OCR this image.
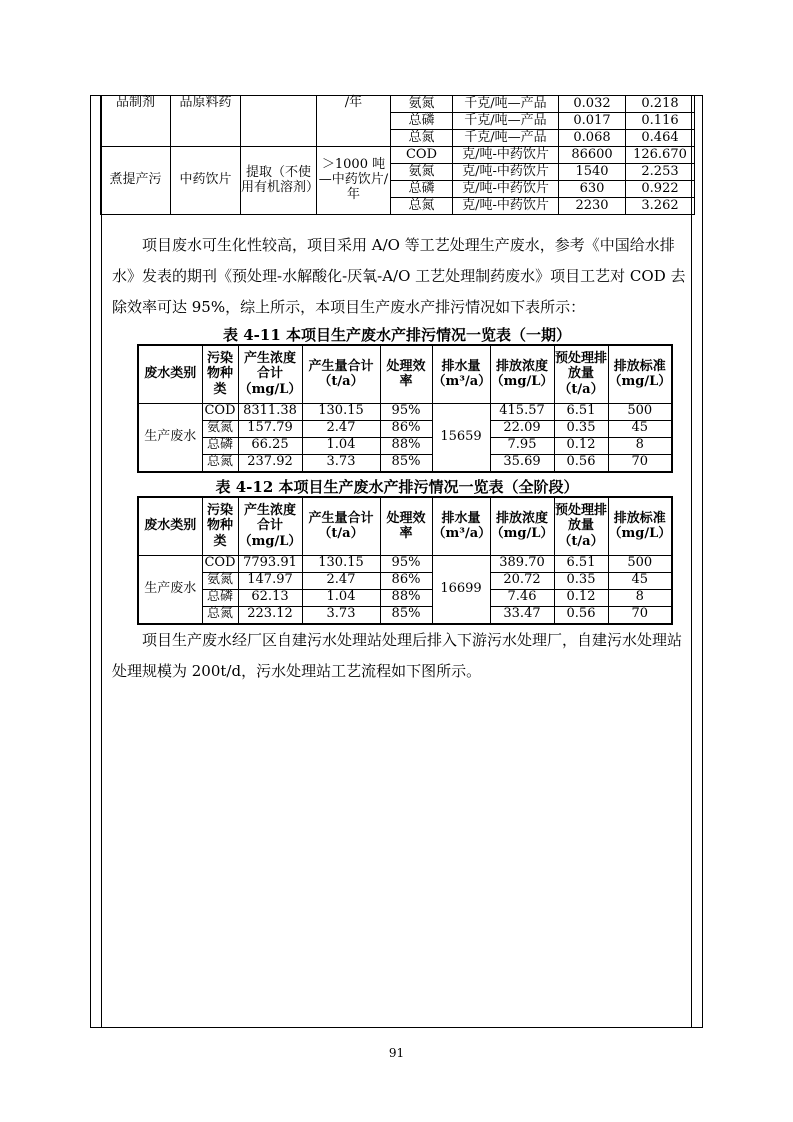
品制剂	品原料药		/年	氨氮	千克/吨—产品	0.032	0.218
				总磷	千克/吨—产品	0.017	0.116
				总氮	千克/吨—产品	0.068	0.464
煮提产污	中药饮片	提取（不使用有机溶剂）	＞1000 吨—中药饮片/年	COD	克/吨-中药饮片	86600	126.670
				氨氮	克/吨-中药饮片	1540	2.253
				总磷	克/吨-中药饮片	630	0.922
				总氮	克/吨-中药饮片	2230	3.262

项目废水可生化性较高，项目采用 A/O 等工艺处理生产废水，参考《中国给水排水》发表的期刊《预处理-水解酸化-厌氧-A/O 工艺处理制药废水》项目工艺对 COD 去除效率可达 95%，综上所示，本项目生产废水产排污情况如下表所示：

表 4-11 本项目生产废水产排污情况一览表（一期）
废水类别	污染物种类	产生浓度合计（mg/L）	产生量合计（t/a）	处理效率	排水量（m³/a）	排放浓度（mg/L）	预处理排放量（t/a）	排放标准（mg/L）
生产废水	COD	8311.38	130.15	95%	15659	415.57	6.51	500
	氨氮	157.79	2.47	86%		22.09	0.35	45
	总磷	66.25	1.04	88%		7.95	0.12	8
	总氮	237.92	3.73	85%		35.69	0.56	70
表 4-12 本项目生产废水产排污情况一览表（全阶段）
废水类别	污染物种类	产生浓度合计（mg/L）	产生量合计（t/a）	处理效率	排水量（m³/a）	排放浓度（mg/L）	预处理排放量（t/a）	排放标准（mg/L）
生产废水	COD	7793.91	130.15	95%	16699	389.70	6.51	500
	氨氮	147.97	2.47	86%		20.72	0.35	45
	总磷	62.13	1.04	88%		7.46	0.12	8
	总氮	223.12	3.73	85%		33.47	0.56	70

项目生产废水经厂区自建污水处理站处理后排入下游污水处理厂，自建污水处理站处理规模为 200t/d，污水处理站工艺流程如下图所示。

91
